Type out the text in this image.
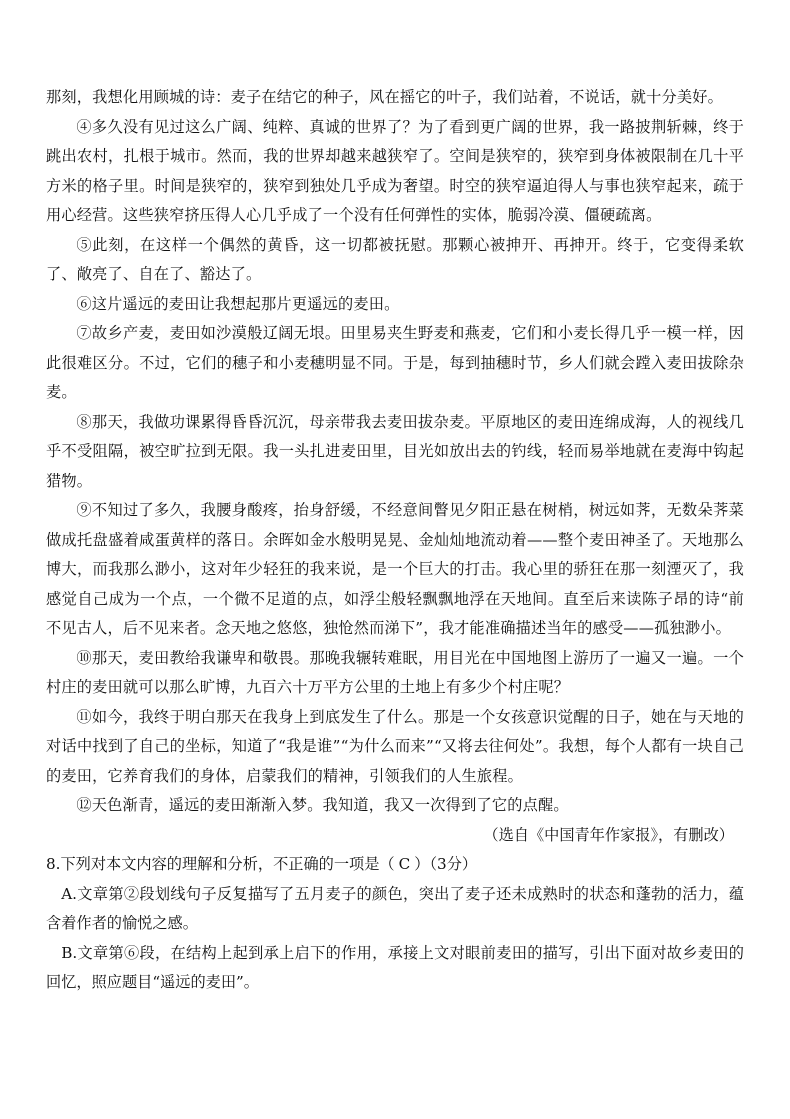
那刻，我想化用顾城的诗：麦子在结它的种子，风在摇它的叶子，我们站着，不说话，就十分美好。

④多久没有见过这么广阔、纯粹、真诚的世界了？为了看到更广阔的世界，我一路披荆斩棘，终于跳出农村，扎根于城市。然而，我的世界却越来越狭窄了。空间是狭窄的，狭窄到身体被限制在几十平方米的格子里。时间是狭窄的，狭窄到独处几乎成为奢望。时空的狭窄逼迫得人与事也狭窄起来，疏于用心经营。这些狭窄挤压得人心几乎成了一个没有任何弹性的实体，脆弱冷漠、僵硬疏离。

⑤此刻，在这样一个偶然的黄昏，这一切都被抚慰。那颗心被抻开、再抻开。终于，它变得柔软了、敞亮了、自在了、豁达了。

⑥这片遥远的麦田让我想起那片更遥远的麦田。

⑦故乡产麦，麦田如沙漠般辽阔无垠。田里易夹生野麦和燕麦，它们和小麦长得几乎一模一样，因此很难区分。不过，它们的穗子和小麦穗明显不同。于是，每到抽穗时节，乡人们就会蹚入麦田拔除杂麦。

⑧那天，我做功课累得昏昏沉沉，母亲带我去麦田拔杂麦。平原地区的麦田连绵成海，人的视线几乎不受阻隔，被空旷拉到无限。我一头扎进麦田里，目光如放出去的钓线，轻而易举地就在麦海中钩起猎物。

⑨不知过了多久，我腰身酸疼，抬身舒缓，不经意间瞥见夕阳正悬在树梢，树远如荠，无数朵荠菜做成托盘盛着咸蛋黄样的落日。余晖如金水般明晃晃、金灿灿地流动着——整个麦田神圣了。天地那么博大，而我那么渺小，这对年少轻狂的我来说，是一个巨大的打击。我心里的骄狂在那一刻湮灭了，我感觉自己成为一个点，一个微不足道的点，如浮尘般轻飘飘地浮在天地间。直至后来读陈子昂的诗“前不见古人，后不见来者。念天地之悠悠，独怆然而涕下”，我才能准确描述当年的感受——孤独渺小。

⑩那天，麦田教给我谦卑和敬畏。那晚我辗转难眠，用目光在中国地图上游历了一遍又一遍。一个村庄的麦田就可以那么旷博，九百六十万平方公里的土地上有多少个村庄呢？

⑪如今，我终于明白那天在我身上到底发生了什么。那是一个女孩意识觉醒的日子，她在与天地的对话中找到了自己的坐标，知道了“我是谁”“为什么而来”“又将去往何处”。我想，每个人都有一块自己的麦田，它养育我们的身体，启蒙我们的精神，引领我们的人生旅程。

⑫天色渐青，遥远的麦田渐渐入梦。我知道，我又一次得到了它的点醒。

（选自《中国青年作家报》，有删改）

8.下列对本文内容的理解和分析，不正确的一项是（ C ）（3分）

A.文章第②段划线句子反复描写了五月麦子的颜色，突出了麦子还未成熟时的状态和蓬勃的活力，蕴含着作者的愉悦之感。

B.文章第⑥段，在结构上起到承上启下的作用，承接上文对眼前麦田的描写，引出下面对故乡麦田的回忆，照应题目“遥远的麦田”。
